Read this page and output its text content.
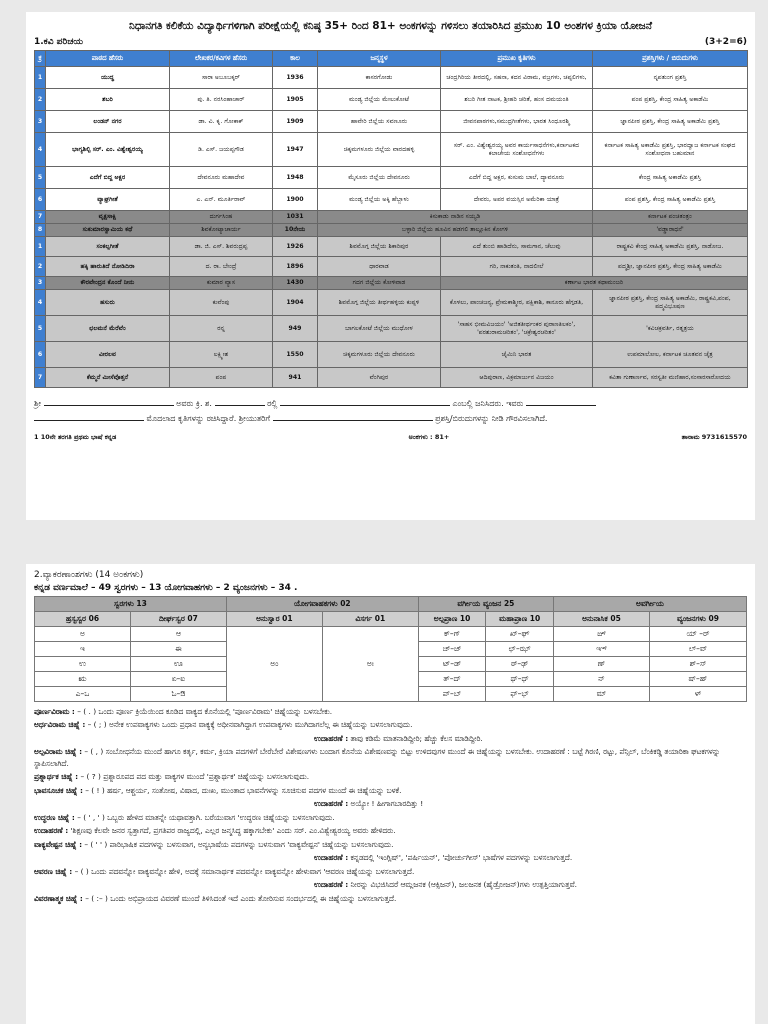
ನಿಧಾನಗತಿ ಕಲಿಕೆಯ ವಿದ್ಯಾರ್ಥಿಗಳಿಗಾಗಿ ಪರೀಕ್ಷೆಯಲ್ಲಿ ಕನಿಷ್ಠ 35+ ರಿಂದ 81+ ಅಂಕಗಳನ್ನು ಗಳಿಸಲು ತಯಾರಿಸಿದ ಪ್ರಮುಖ 10 ಅಂಶಗಳ ಕ್ರಿಯಾ ಯೋಜನೆ
1.ಕವಿ ಪರಿಚಯ	(3+2=6)
ಕ್ರ	ಪಾಠದ ಹೆಸರು	ಲೇಖಕರ/ಕವಿಗಳ ಹೆಸರು	ಕಾಲ	ಜನ್ಮಸ್ಥಳ	ಪ್ರಮುಖ ಕೃತಿಗಳು	ಪ್ರಶಸ್ತಿಗಳು / ಬಿರುದುಗಳು
1	ಯುದ್ಧ	ಸಾರಾ ಅಬೂಬಕ್ಕರ್	1936	ಕಾಸರಗೋಡು	ಚಂದ್ರಗಿರಿಯ ತೀರದಲ್ಲಿ, ಸಹನಾ, ಕದನ ವಿರಾಮ, ವಜ್ರಗಳು, ಚಪ್ಪಲಿಗಳು,	ನೃಪತುಂಗ ಪ್ರಶಸ್ತಿ
2	ಶಬರಿ	ಪು. ತಿ. ನರಸಿಂಹಾಚಾರ್	1905	ಮಂಡ್ಯ ಜಿಲ್ಲೆಯ ಮೇಲುಕೋಟೆ	ಶಬರಿ ಗೀತ ನಾಟಕ, ಶ್ರೀಹರಿ ಚರಿತೆ, ಹಂಸ ದಮಯಂತಿ	ಪಂಪ ಪ್ರಶಸ್ತಿ, ಕೇಂದ್ರ ಸಾಹಿತ್ಯ ಅಕಾಡೆಮಿ
3	ಲಂಡನ್ ನಗರ	ಡಾ. ವಿ. ಕೃ. ಗೋಕಾಕ್	1909	ಹಾವೇರಿ ಜಿಲ್ಲೆಯ ಸವಣೂರು	ಜೀವನಪಾಠಗಳು,ಸಮುದ್ರಗೀತೆಗಳು, ಭಾರತ ಸಿಂಧೂರಶ್ಮಿ	ಜ್ಞಾನಪೀಠ ಪ್ರಶಸ್ತಿ, ಕೇಂದ್ರ ಸಾಹಿತ್ಯ ಅಕಾಡೆಮಿ ಪ್ರಶಸ್ತಿ
4	ಭಾಗ್ಯಶಿಲ್ಪಿ ಸರ್. ಎಂ. ವಿಶ್ವೇಶ್ವರಯ್ಯ	ಡಿ. ಎಸ್. ಜಯಪ್ಪಗೌಡ	1947	ಚಿಕ್ಕಮಗಳೂರು ಜಿಲ್ಲೆಯ ವಾರದಹಳ್ಳಿ	ಸರ್. ಎಂ. ವಿಶ್ವೇಶ್ವರಯ್ಯ ಅವರ ಕಾರ್ಯಸಾಧನೆಗಳು,ಕರ್ನಾಟಕದ ಕಲಾಚೇಯ ಸಂಶೋಧನೆಗಳು	ಕರ್ನಾಟಕ ಸಾಹಿತ್ಯ ಅಕಾಡೆಮಿ ಪ್ರಶಸ್ತಿ, ಭಾರದ್ವಾಜ ಕರ್ನಾಟಕ ಸಂಘದ ಸಂಶೋಧನಾ ಬಹುಮಾನ
5	ಎದೆಗೆ ಬಿದ್ದ ಅಕ್ಷರ	ದೇವನೂರು ಮಹಾದೇವ	1948	ಮೈಸೂರು ಜಿಲ್ಲೆಯ ದೇವನೂರು	ಎದೆಗೆ ಬಿದ್ದ ಅಕ್ಷರ, ಕುಸುಮ ಬಾಲೆ, ದ್ಯಾವನೂರು	ಕೇಂದ್ರ ಸಾಹಿತ್ಯ ಅಕಾಡೆಮಿ ಪ್ರಶಸ್ತಿ
6	ವ್ಯಾಘ್ರಗೀತೆ	ಎ. ಎನ್. ಮೂರ್ತಿರಾವ್	1900	ಮಂಡ್ಯ ಜಿಲ್ಲೆಯ ಅಕ್ಕಿ ಹೆಬ್ಬಾಳು	ದೇವರು, ಅಪರ ವಯಸ್ಸಿನ ಅಮೆರಿಕಾ ಯಾತ್ರೆ	ಪಂಪ ಪ್ರಶಸ್ತಿ, ಕೇಂದ್ರ ಸಾಹಿತ್ಯ ಅಕಾಡೆಮಿ ಪ್ರಶಸ್ತಿ
7	ವೃಕ್ಷಸಾಕ್ಷಿ	ದುರ್ಗಸಿಂಹ	1031	ಕಿಸುಕಾಡು ನಾಡಿನ ಸಯ್ಯಡಿ		ಕರ್ನಾಟಕ ಪಂಚತಂತ್ರಂ
8	ಸುಕುಮಾರಸ್ವಾಮಿಯ ಕಥೆ	ಶಿವಕೋಟ್ಯಾಚಾರ್ಯ	10ನೇಯ	ಬಳ್ಳಾರಿ ಜಿಲ್ಲೆಯ ಹೂವಿನ ಹಡಗಲಿ ತಾಲ್ಲೂಕಿನ ಕೋಗಳಿ		'ವಡ್ಡಾರಾಧನೆ'
1	ಸಂಕಲ್ಪಗೀತೆ	ಡಾ. ಜಿ. ಎಸ್. ಶಿವರುದ್ರಪ್ಪ	1926	ಶಿವಮೊಗ್ಗ ಜಿಲ್ಲೆಯ ಶಿಕಾರಿಪುರ	ಎದೆ ತುಂಬಿ ಹಾಡಿದೆನು, ಸಾಮಗಾನ, ಚೆಲುವು	ರಾಷ್ಟ್ರಕವಿ ಕೇಂದ್ರ ಸಾಹಿತ್ಯ ಅಕಾಡೆಮಿ ಪ್ರಶಸ್ತಿ, ನಾಡೋಜ.
2	ಹಕ್ಕಿ ಹಾರುತಿದೆ ನೋಡಿದಿರಾ	ದ. ರಾ. ಬೇಂದ್ರೆ	1896	ಧಾರವಾಡ	ಗರಿ, ನಾಕುತಂತಿ, ನಾದಲೀಲೆ	ಪದ್ಮಶ್ರೀ, ಜ್ಞಾನಪೀಠ ಪ್ರಶಸ್ತಿ, ಕೇಂದ್ರ ಸಾಹಿತ್ಯ ಅಕಾಡೆಮಿ
3	ಕೌರವೇಂದ್ರನ ಕೊಂದೆ ನೀನು	ಕುಮಾರ ವ್ಯಾಸ	1430	ಗದಗ ಜಿಲ್ಲೆಯ ಕೋಳಿವಾಡ	ಕರ್ಣಾಟ ಭಾರತ ಕಥಾಮಂಜರಿ	
4	ಹಸುರು	ಕುವೆಂಪು	1904	ಶಿವಮೊಗ್ಗ ಜಿಲ್ಲೆಯ ತೀರ್ಥಹಳ್ಳಿಯ ಕುಪ್ಪಳಿ	ಕೊಳಲು, ಪಾಂಚಜನ್ಯ, ಪ್ರೇಮಕಾಶ್ಮೀರ, ಪಕ್ಷಿಕಾಶಿ, ಕಾನೂರು ಹೆಗ್ಗಡತಿ,	ಜ್ಞಾನಪೀಠ ಪ್ರಶಸ್ತಿ, ಕೇಂದ್ರ ಸಾಹಿತ್ಯ ಅಕಾಡೆಮಿ, ರಾಷ್ಟ್ರಕವಿ,ಪಂಪ, ಪದ್ಮವಿಭೂಷಣ
5	ಛಲಮನೆ ಮೆರೆವೆಂ	ರನ್ನ	949	ಬಾಗಲಕೋಟೆ ಜಿಲ್ಲೆಯ ಮುಧೋಳ	'ಸಾಹಸ ಭೀಮವಿಜಯಂ' 'ಅಜಿತತೀರ್ಥಂಕರ ಪುರಾಣತಿಲಕಂ', 'ಪರಶುರಾಮಚರಿತಂ', 'ಚಕ್ರೇಶ್ವರಚರಿತಂ'	'ಕವಿಚಕ್ರವರ್ತಿ, ರತ್ನತ್ರಯ
6	ವೀರಲವ	ಲಕ್ಷ್ಮೀಶ	1550	ಚಿಕ್ಕಮಗಳೂರು ಜಿಲ್ಲೆಯ ದೇವನೂರು	ಜೈಮಿನಿ ಭಾರತ	ಉಪಮಾಲೋಲ, ಕರ್ನಾಟಕ ಚೂತವನ ಚೈತ್ರ
7	ಕೆಮ್ಮನೆ ಮೀಸೆವೊತ್ತನೆ	ಪಂಪ	941	ವೆಂಗಿಪುರ	ಆದಿಪುರಾಣ, ವಿಕ್ರಮಾರ್ಜುನ ವಿಜಯಂ	ಕವಿತಾ ಗುಣಾರ್ಣವ, ಸರಸ್ವತೀ ಮಣಿಹಾರ,ಸಂಸಾರಸಾರೋದಯ
ಶ್ರೀ	ಅವರು ಕ್ರಿ. ಶ.	ರಲ್ಲಿ	ಎಂಬಲ್ಲಿ ಜನಿಸಿದರು. ಇವರು
ಮೊದಲಾದ ಕೃತಿಗಳನ್ನು ರಚಿಸಿದ್ದಾರೆ. ಶ್ರೀಯುತರಿಗೆ	ಪ್ರಶಸ್ತಿ/ಬಿರುದುಗಳನ್ನು ನೀಡಿ ಗೌರವಿಸಲಾಗಿದೆ.
1 10ನೇ ತರಗತಿ ಪ್ರಥಮ ಭಾಷೆ ಕನ್ನಡ	ಅಂಕಗಳು : 81+	ತಾನಾಮ 9731615570
2.ವ್ಯಾಕರಣಾಂಶಗಳು (14 ಅಂಕಗಳು)
ಕನ್ನಡ ವರ್ಣಮಾಲೆ – 49 ಸ್ವರಗಳು – 13 ಯೋಗವಾಹಗಳು – 2 ವ್ಯಂಜನಗಳು – 34 .
ಸ್ವರಗಳು 13		ಯೋಗವಾಹಕಗಳು 02		ವರ್ಗೀಯ ವ್ಯಂಜನ 25		ಅವರ್ಗೀಯ	
ಹ್ರಸ್ವಸ್ವರ 06	ದೀರ್ಘಸ್ವರ 07	ಅನುಸ್ವಾರ 01	ವಿಸರ್ಗ 01	ಅಲ್ಪಪ್ರಾಣ 10	ಮಹಾಪ್ರಾಣ 10	ಅನುನಾಸಿಕ 05	ವ್ಯಂಜನಗಳು 09
ಅ	ಆ	ಅಂ	ಅಃ	ಕ್–ಗ್	ಖ್–ಘ್	ಙ್	ಯ್ –ರ್
ಇ	ಈ			ಚ್–ಜ್	ಛ್–ಝ್	ಞ್	ಲ್–ವ್
ಉ	ಊ			ಟ್–ಡ್	ಠ್–ಢ್	ಣ್	ಶ್–ಸ್
ಋ	ಏ–ಐ			ತ್–ದ್	ಥ್–ಧ್	ನ್	ಷ್–ಹ್
ಎ–ಒ	ಓ–ಔ			ಪ್–ಬ್	ಫ್–ಭ್	ಮ್	ಳ್

ಪೂರ್ಣವಿರಾಮ : – ( . ) ಒಂದು ಪೂರ್ಣ ಕ್ರಿಯೆಯಿಂದ ಕೂಡಿದ ವಾಕ್ಯದ ಕೊನೆಯಲ್ಲಿ 'ಪೂರ್ಣವಿರಾಮ' ಚಿಹ್ನೆಯನ್ನು ಬಳಸಬೇಕು.

ಅರ್ಧವಿರಾಮ ಚಿಹ್ನೆ : – ( ; ) ಅನೇಕ ಉಪವಾಕ್ಯಗಳು ಒಂದು ಪ್ರಧಾನ ವಾಕ್ಯಕ್ಕೆ ಅಧೀನವಾಗಿದ್ದಾಗ ಉಪವಾಕ್ಯಗಳು ಮುಗಿದಾಗಲೆಲ್ಲ ಈ ಚಿಹ್ನೆಯನ್ನು ಬಳಸಲಾಗುವುದು.

ಉದಾಹರಣೆ : ತಾವು ಕಡಿಮೆ ಮಾತನಾಡಿದ್ದೀರಿ; ಹೆಚ್ಚು ಕೆಲಸ ಮಾಡಿದ್ದೀರಿ.

ಅಲ್ಪವಿರಾಮ ಚಿಹ್ನೆ : – ( , ) ಸಂಬೋಧನೆಯ ಮುಂದೆ ಹಾಗೂ ಕರ್ತೃ, ಕರ್ಮ, ಕ್ರಿಯಾ ಪದಗಳಿಗೆ ಬೇರೆಬೇರೆ ವಿಶೇಷಣಗಳು ಬಂದಾಗ ಕೊನೆಯ ವಿಶೇಷಣವನ್ನು ಬಿಟ್ಟು ಉಳಿದವುಗಳ ಮುಂದೆ ಈ ಚಿಹ್ನೆಯನ್ನು ಬಳಸಬೇಕು. ಉದಾಹರಣೆ : ಬಟ್ಟೆ ಗಿರಣಿ, ರಟ್ಟು, ಪೆನ್ಸಿಲ್, ಬೆಂಕಿಕಡ್ಡಿ ತಯಾರಿಕಾ ಘಟಕಗಳನ್ನು ಸ್ಥಾಪಿಸಲಾಗಿದೆ.

ಪ್ರಶ್ನಾರ್ಥಕ ಚಿಹ್ನೆ : – ( ? ) ಪ್ರಶ್ನಾರೂಪದ ಪದ ಮತ್ತು ವಾಕ್ಯಗಳ ಮುಂದೆ 'ಪ್ರಶ್ನಾರ್ಥಕ' ಚಿಹ್ನೆಯನ್ನು ಬಳಸಲಾಗುವುದು.

ಭಾವಸೂಚಕ ಚಿಹ್ನೆ : – ( ! ) ಹರ್ಷ, ಆಶ್ಚರ್ಯ, ಸಂತೋಷ, ವಿಷಾದ, ದುಃಖ, ಮುಂತಾದ ಭಾವನೆಗಳನ್ನು ಸೂಚಿಸುವ ಪದಗಳ ಮುಂದೆ ಈ ಚಿಹ್ನೆಯನ್ನು ಬಳಕೆ.

ಉದಾಹರಣೆ : ಅಯ್ಯೋ ! ಹೀಗಾಗಬಾರದಿತ್ತು !

ಉದ್ಧರಣ ಚಿಹ್ನೆ : – ( ' , ' ) ಒಬ್ಬರು ಹೇಳಿದ ಮಾತನ್ನೇ ಯಥಾವತ್ತಾಗಿ. ಬರೆಯುವಾಗ 'ಉದ್ಧರಣ ಚಿಹ್ನೆಯನ್ನು ಬಳಸಲಾಗುವುದು.

ಉದಾಹರಣೆ : 'ಶಿಕ್ಷಣವು ಕೆಲವೇ ಜನರ ಸ್ವತ್ತಾಗದೆ, ಪ್ರಗತಿಪರ ರಾಜ್ಯದಲ್ಲಿ, ಎಲ್ಲರ ಜನ್ಮಸಿದ್ಧ ಹಕ್ಕಾಗಬೇಕು' ಎಂದು ಸರ್. ಎಂ.ವಿಶ್ವೇಶ್ವರಯ್ಯ ಅವರು ಹೇಳಿದರು.

ವಾಕ್ಯವೇಷ್ಟನ ಚಿಹ್ನೆ : – ( ' ' ) ಪಾರಿಭಾಷಿಕ ಪದಗಳನ್ನು ಬಳಸುವಾಗ, ಅನ್ಯಭಾಷೆಯ ಪದಗಳನ್ನು ಬಳಸುವಾಗ 'ವಾಕ್ಯವೇಷ್ಟನ' ಚಿಹ್ನೆಯನ್ನು ಬಳಸಲಾಗುವುದು.

ಉದಾಹರಣೆ : ಕನ್ನಡದಲ್ಲಿ 'ಇಂಗ್ಲಿಷ್', 'ಪರ್ಷಿಯನ್', 'ಪೋರ್ಚುಗೀಸ್' ಭಾಷೆಗಳ ಪದಗಳನ್ನು ಬಳಸಲಾಗುತ್ತದೆ.

ಆವರಣ ಚಿಹ್ನೆ : – ( ) ಒಂದು ಪದವನ್ನೋ ವಾಕ್ಯವನ್ನೋ ಹೇಳಿ, ಅದಕ್ಕೆ ಸಮಾನಾರ್ಥಕ ಪದವನ್ನೋ ವಾಕ್ಯವನ್ನೋ ಹೇಳುವಾಗ 'ಆವರಣ ಚಿಹ್ನೆಯನ್ನು ಬಳಸಲಾಗುತ್ತದೆ.

ಉದಾಹರಣೆ : ನೀರನ್ನು ವಿಭಜಿಸಿದರೆ ಆಮ್ಲಜನಕ (ಆಕ್ಸಿಜನ್), ಜಲಜನಕ (ಹೈಡ್ರೋಜನ್)ಗಳು ಉತ್ಪತ್ತಿಯಾಗುತ್ತವೆ.

ವಿವರಣಾತ್ಮಕ ಚಿಹ್ನೆ : – ( :– ) ಒಂದು ಅಭಿಪ್ರಾಯದ ವಿವರಣೆ ಮುಂದೆ ತಿಳಿಸಿದಂತೆ ಇದೆ ಎಂದು ತೋರಿಸುವ ಸಂದರ್ಭದಲ್ಲಿ ಈ ಚಿಹ್ನೆಯನ್ನು ಬಳಸಲಾಗುತ್ತದೆ.
